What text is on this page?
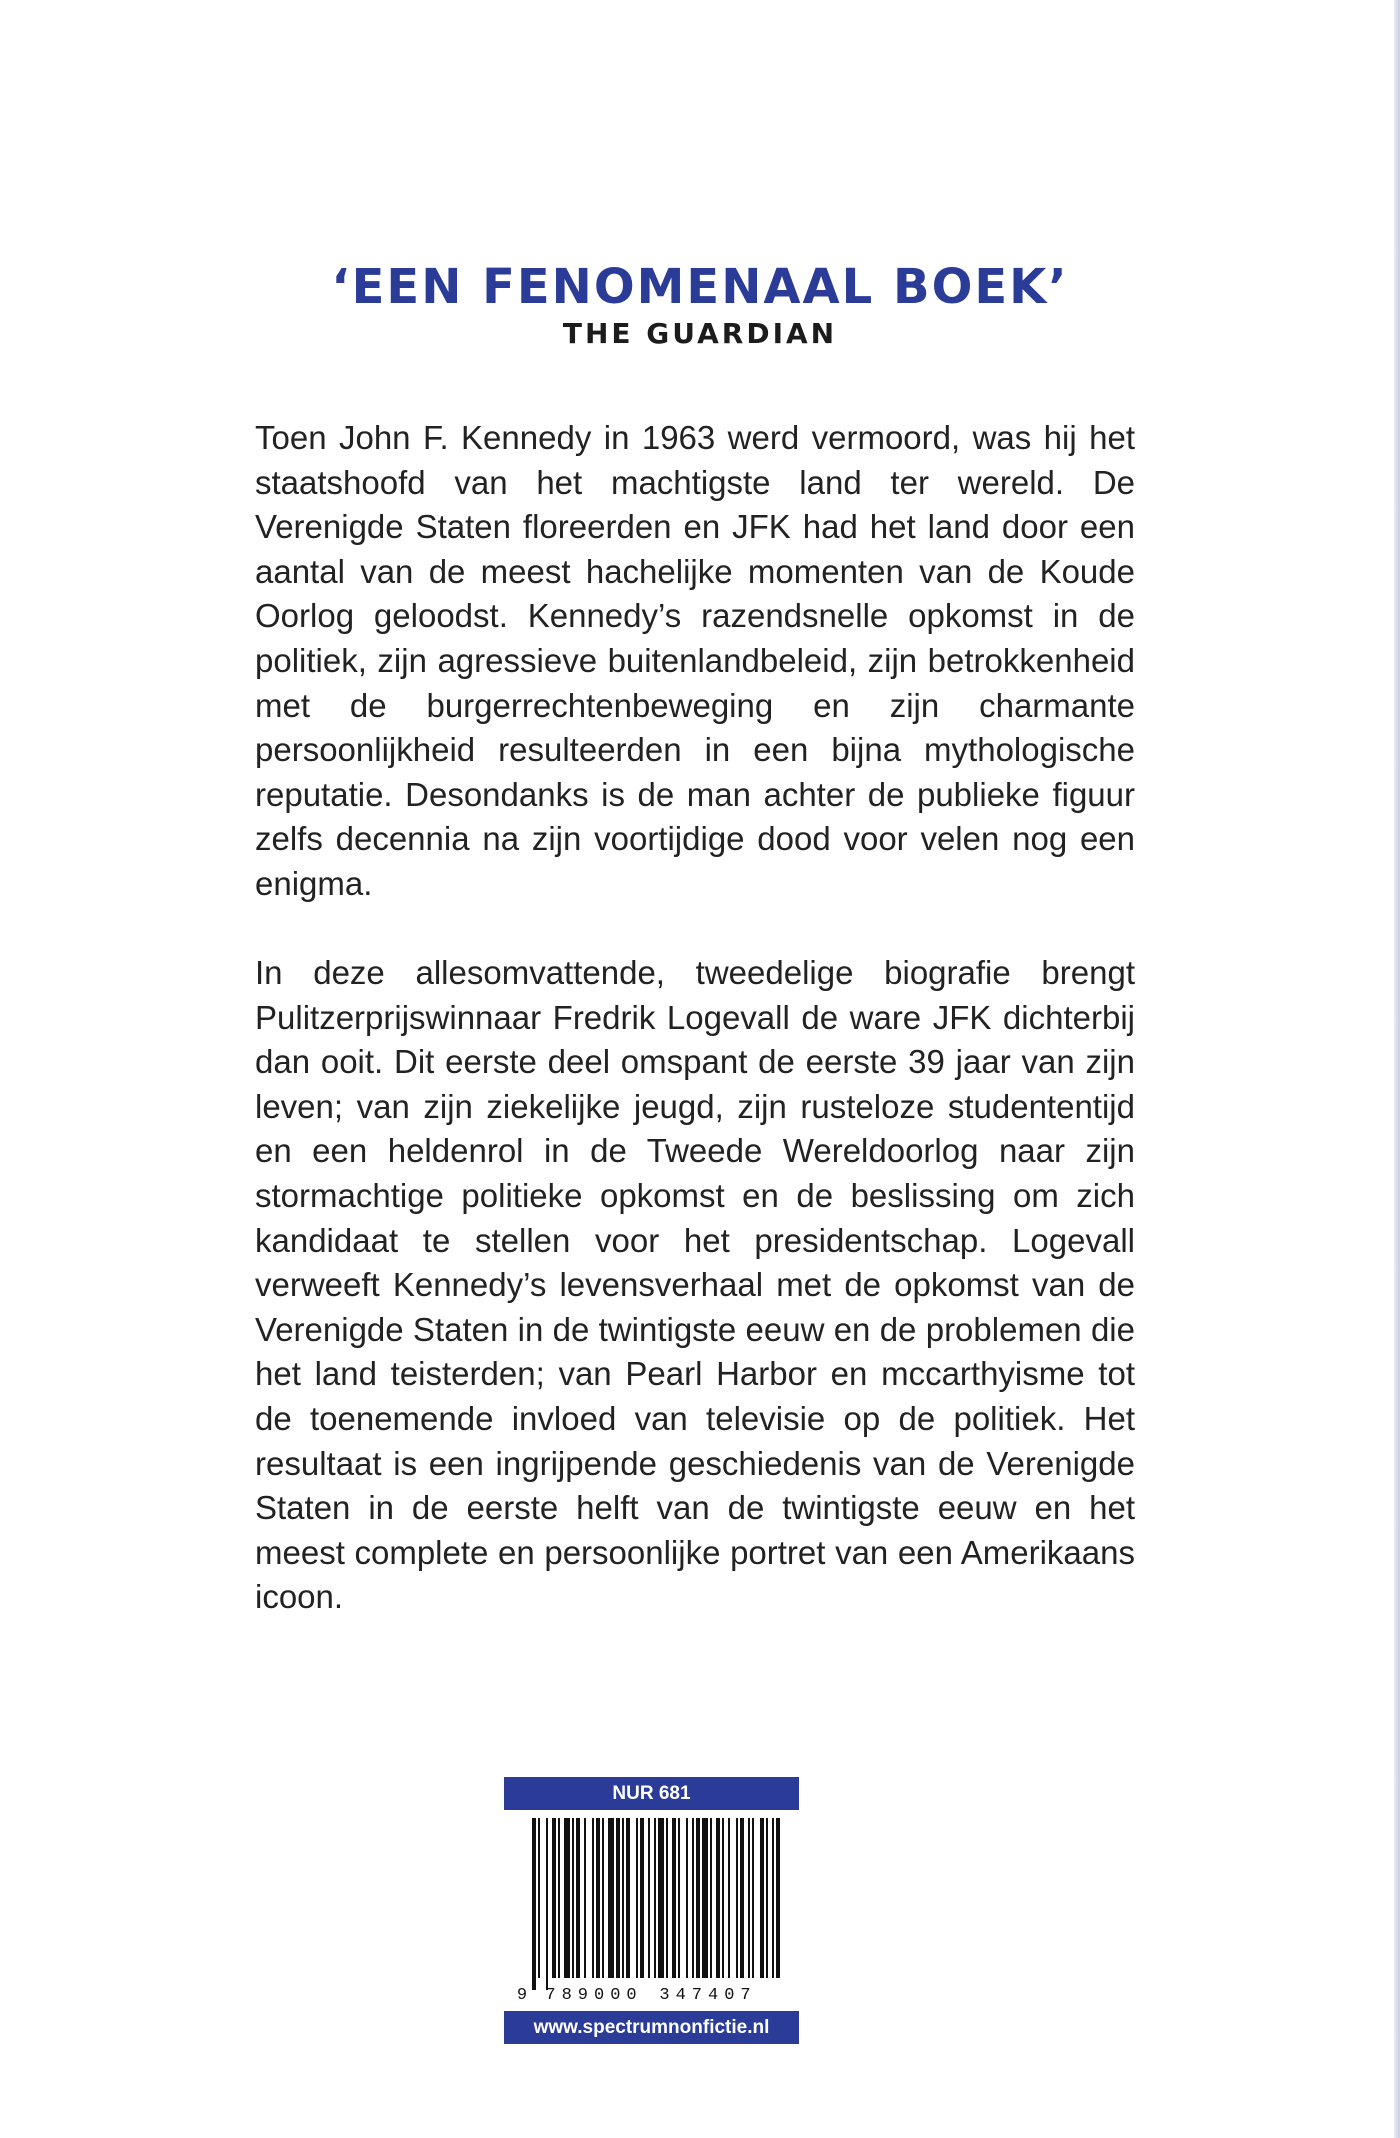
‘EEN FENOMENAAL BOEK’
THE GUARDIAN

Toen John F. Kennedy in 1963 werd vermoord, was hij het staatshoofd van het machtigste land ter wereld. De Verenigde Staten floreerden en JFK had het land door een aantal van de meest hachelijke momenten van de Koude Oorlog geloodst. Kennedy’s razendsnelle opkomst in de politiek, zijn agressieve buitenlandbeleid, zijn betrokkenheid met de burgerrechtenbeweging en zijn charmante persoonlijkheid resulteerden in een bijna mythologische reputatie. Desondanks is de man achter de publieke figuur zelfs decennia na zijn voortijdige dood voor velen nog een enigma.

In deze allesomvattende, tweedelige biografie brengt Pulitzerprijswinnaar Fredrik Logevall de ware JFK dichterbij dan ooit. Dit eerste deel omspant de eerste 39 jaar van zijn leven; van zijn ziekelijke jeugd, zijn rusteloze studententijd en een heldenrol in de Tweede Wereldoorlog naar zijn stormachtige politieke opkomst en de beslissing om zich kandidaat te stellen voor het presidentschap. Logevall verweeft Kennedy’s levensverhaal met de opkomst van de Verenigde Staten in de twintigste eeuw en de problemen die het land teisterden; van Pearl Harbor en mccarthyisme tot de toenemende invloed van televisie op de politiek. Het resultaat is een ingrijpende geschiedenis van de Verenigde Staten in de eerste helft van de twintigste eeuw en het meest complete en persoonlijke portret van een Amerikaans icoon.

NUR 681
9 789000 347407
www.spectrumnonfictie.nl
